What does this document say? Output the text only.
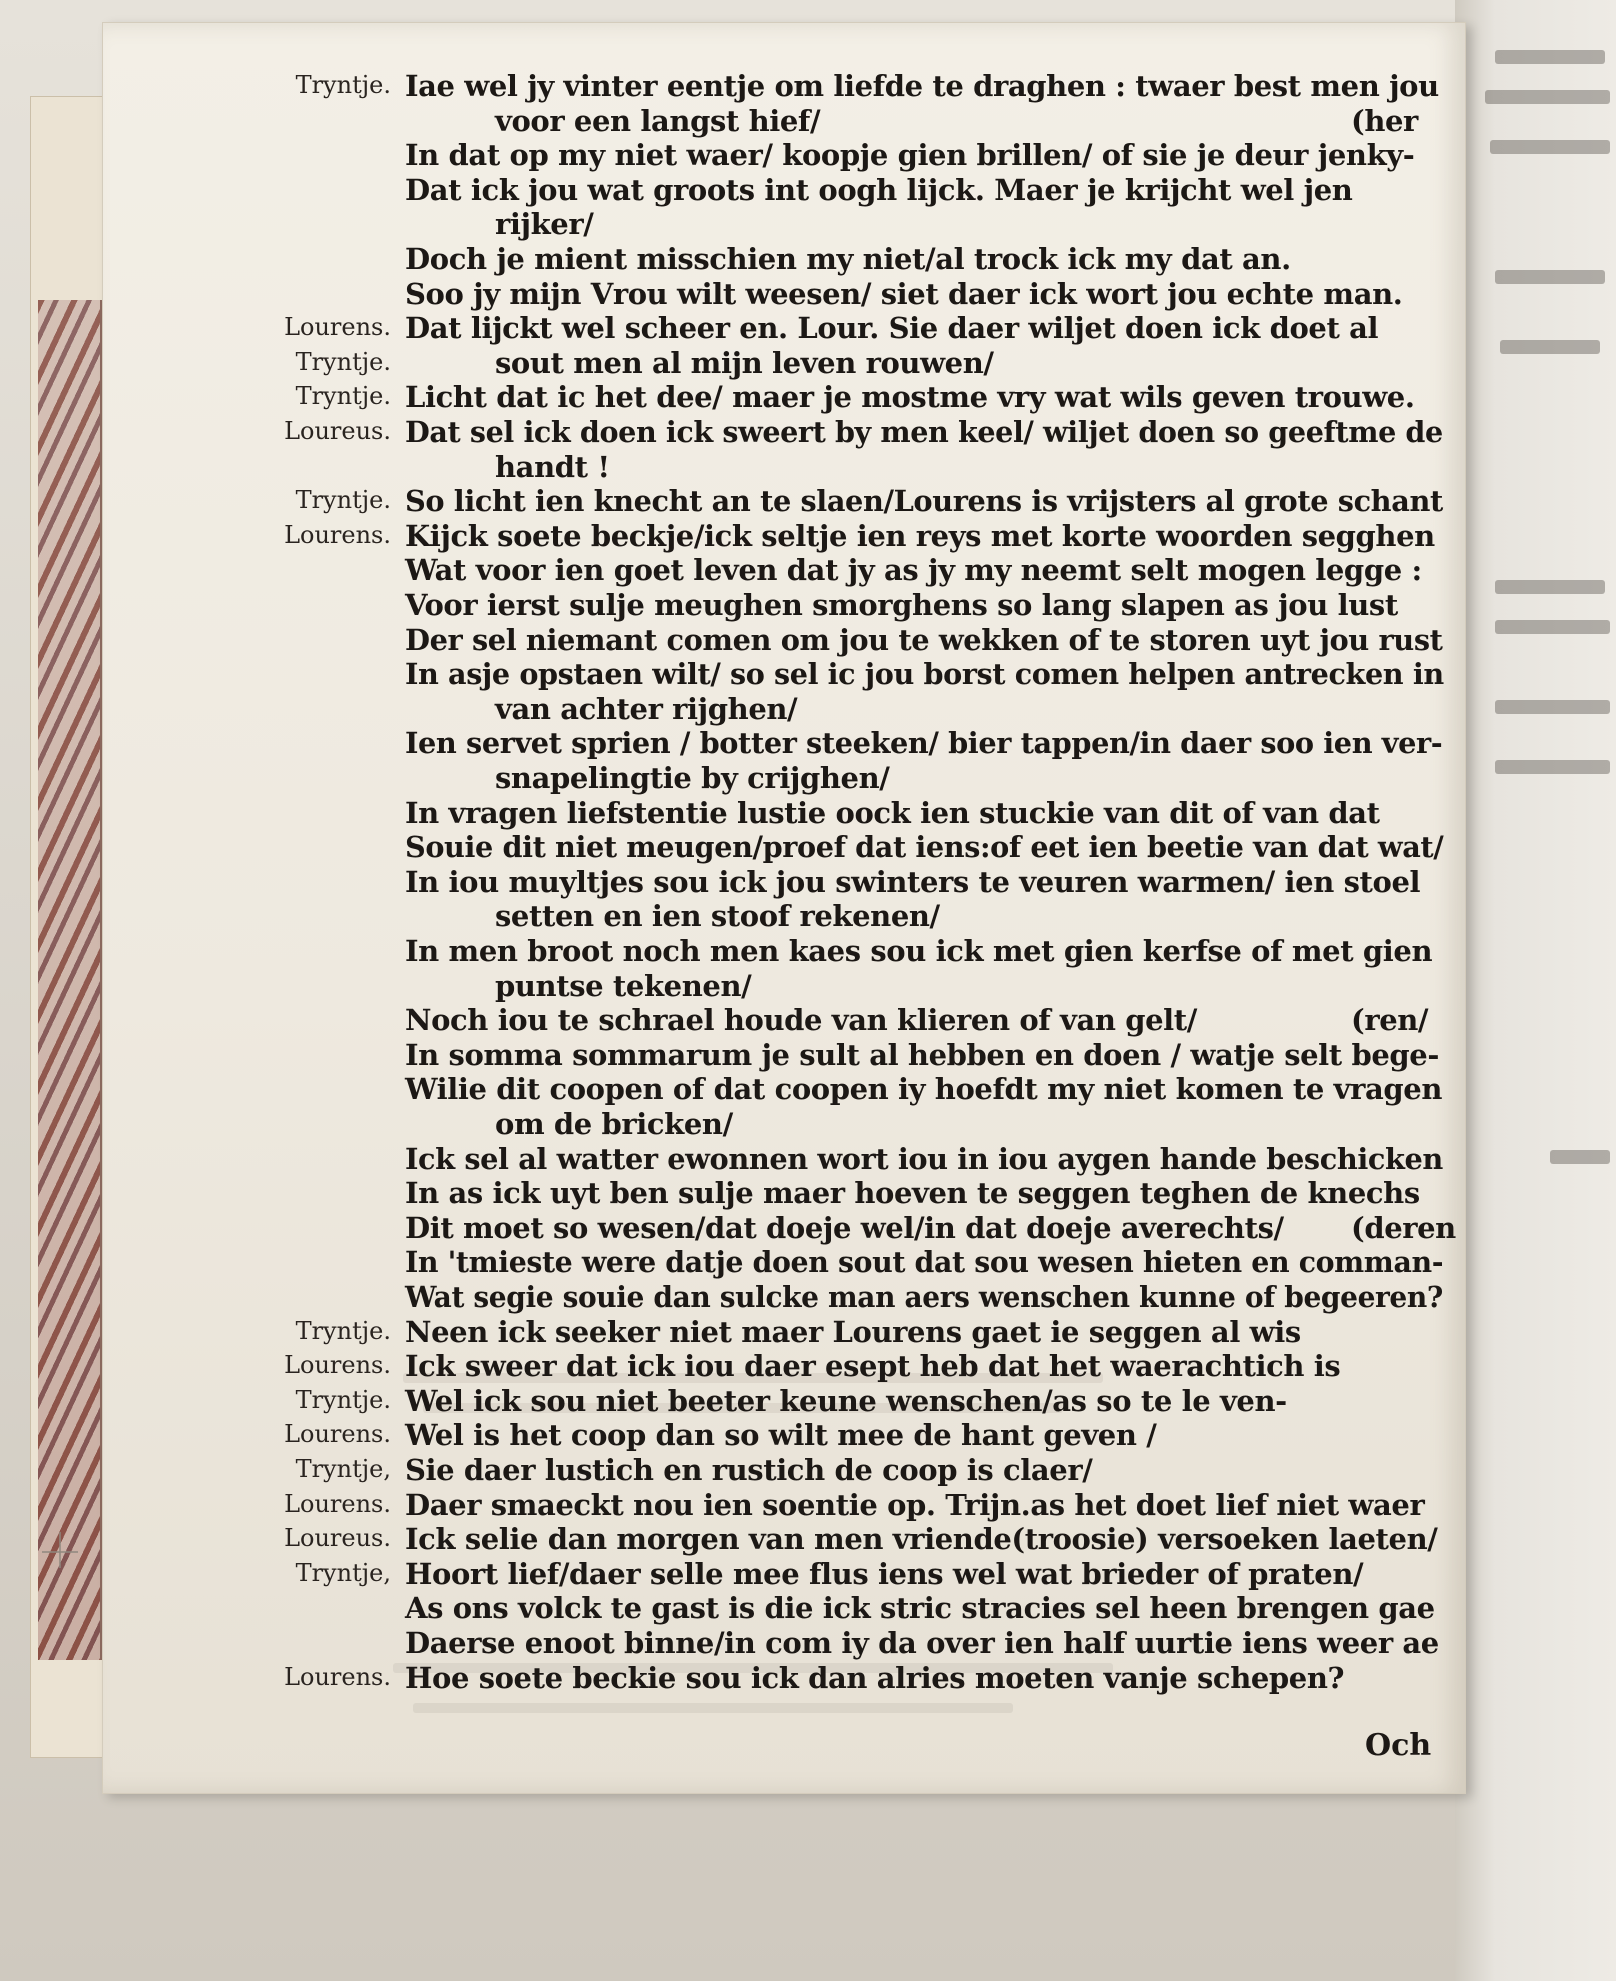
Tryntje. Iae wel jy vinter eentje om liefde te draghen : twaer best men jou
voor een langst hief/	(her
In dat op my niet waer/ koopje gien brillen/ of sie je deur jenky-
Dat ick jou wat groots int oogh lijck. Maer je krijcht wel jen
rijker/
Doch je mient misschien my niet/al trock ick my dat an.
Soo jy mijn Vrou wilt weesen/ siet daer ick wort jou echte man.
Lourens. Dat lijckt wel scheer en. Lour. Sie daer wiljet doen ick doet al
Tryntje.	sout men al mijn leven rouwen/
Tryntje. Licht dat ic het dee/ maer je mostme vry wat wils geven trouwe.
Loureus. Dat sel ick doen ick sweert by men keel/ wiljet doen so geeftme de
handt !
Tryntje. So licht ien knecht an te slaen/Lourens is vrijsters al grote schant
Lourens. Kijck soete beckje/ick seltje ien reys met korte woorden segghen
Wat voor ien goet leven dat jy as jy my neemt selt mogen legge :
Voor ierst sulje meughen smorghens so lang slapen as jou lust
Der sel niemant comen om jou te wekken of te storen uyt jou rust
In asje opstaen wilt/ so sel ic jou borst comen helpen antrecken in
van achter rijghen/
Ien servet sprien / botter steeken/ bier tappen/in daer soo ien ver-
snapelingtie by crijghen/
In vragen liefstentie lustie oock ien stuckie van dit of van dat
Souie dit niet meugen/proef dat iens:of eet ien beetie van dat wat/
In iou muyltjes sou ick jou swinters te veuren warmen/ ien stoel
setten en ien stoof rekenen/
In men broot noch men kaes sou ick met gien kerfse of met gien
puntse tekenen/
Noch iou te schrael houde van klieren of van gelt/	(ren/
In somma sommarum je sult al hebben en doen / watje selt bege-
Wilie dit coopen of dat coopen iy hoefdt my niet komen te vragen
om de bricken/
Ick sel al watter ewonnen wort iou in iou aygen hande beschicken
In as ick uyt ben sulje maer hoeven te seggen teghen de knechs
Dit moet so wesen/dat doeje wel/in dat doeje averechts/ (deren
In 'tmieste were datje doen sout dat sou wesen hieten en comman-
Wat segie souie dan sulcke man aers wenschen kunne of begeeren?
Tryntje. Neen ick seeker niet maer Lourens gaet ie seggen al wis
Lourens. Ick sweer dat ick iou daer esept heb dat het waerachtich is
Tryntje. Wel ick sou niet beeter keune wenschen/as so te le ven-
Lourens. Wel is het coop dan so wilt mee de hant geven /
Tryntje, Sie daer lustich en rustich de coop is claer/
Lourens. Daer smaeckt nou ien soentie op. Trijn.as het doet lief niet waer
Loureus. Ick selie dan morgen van men vriende(troosie) versoeken laeten/
Tryntje, Hoort lief/daer selle mee flus iens wel wat brieder of praten/
As ons volck te gast is die ick stric stracies sel heen brengen gae
Daerse enoot binne/in com iy da over ien half uurtie iens weer ae
Lourens. Hoe soete beckie sou ick dan alries moeten vanje schepen?
Och
